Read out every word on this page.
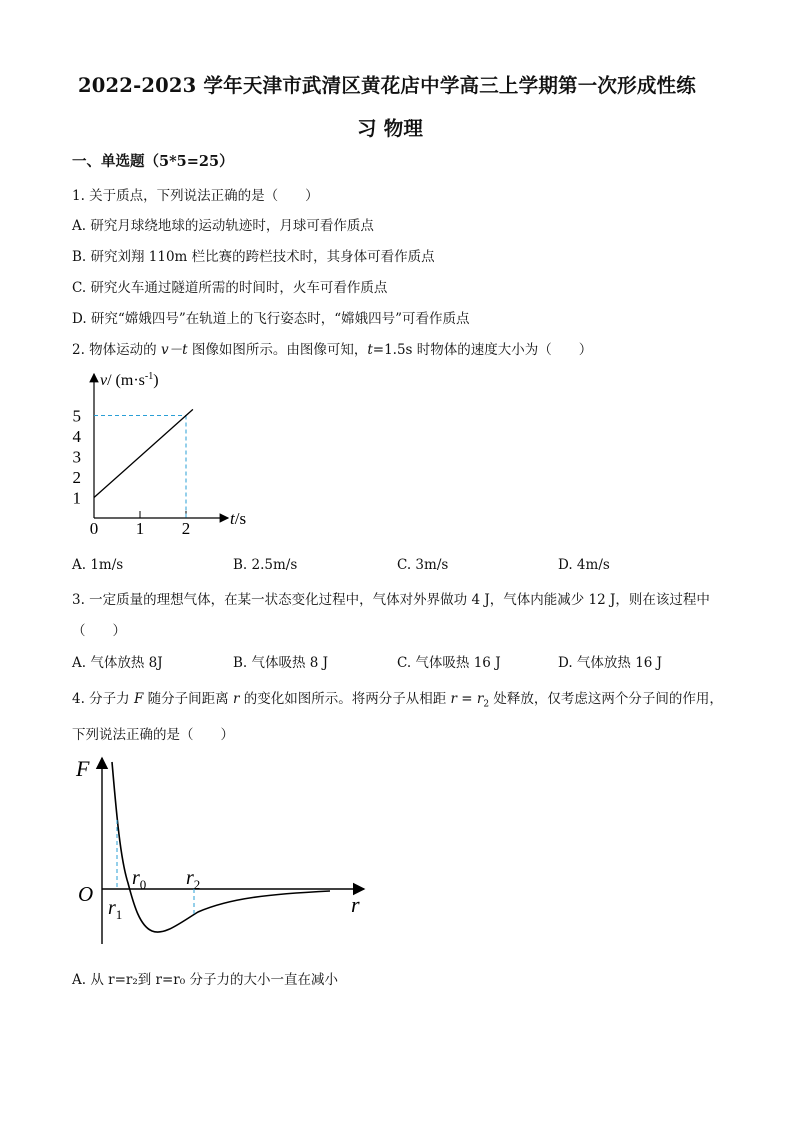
2022-2023 学年天津市武清区黄花店中学高三上学期第一次形成性练
习 物理
一、单选题（5*5=25）
1. 关于质点，下列说法正确的是（　　）
A. 研究月球绕地球的运动轨迹时，月球可看作质点
B. 研究刘翔 110m 栏比赛的跨栏技术时，其身体可看作质点
C. 研究火车通过隧道所需的时间时，火车可看作质点
D. 研究“嫦娥四号”在轨道上的飞行姿态时，“嫦娥四号”可看作质点
2. 物体运动的 v－t 图像如图所示。由图像可知，t=1.5s 时物体的速度大小为（　　）
1
2
3
4
5
1 2
0
v/ $(m\cdot s^{-1})$
t/s
A. 1m/s	B. 2.5m/s	C. 3m/s	D. 4m/s
3. 一定质量的理想气体，在某一状态变化过程中，气体对外界做功 4 J，气体内能减少 12 J，则在该过程中
（　　）
A. 气体放热 8J	B. 气体吸热 8 J	C. 气体吸热 16 J	D. 气体放热 16 J
4. 分子力 F 随分子间距离 r 的变化如图所示。将两分子从相距 $r = r_2$ 处释放，仅考虑这两个分子间的作用，
下列说法正确的是（　　）
F
r
O
$r_1$
$r_0$ $r_2$
A. 从 r=r₂到 r=r₀ 分子力的大小一直在减小
